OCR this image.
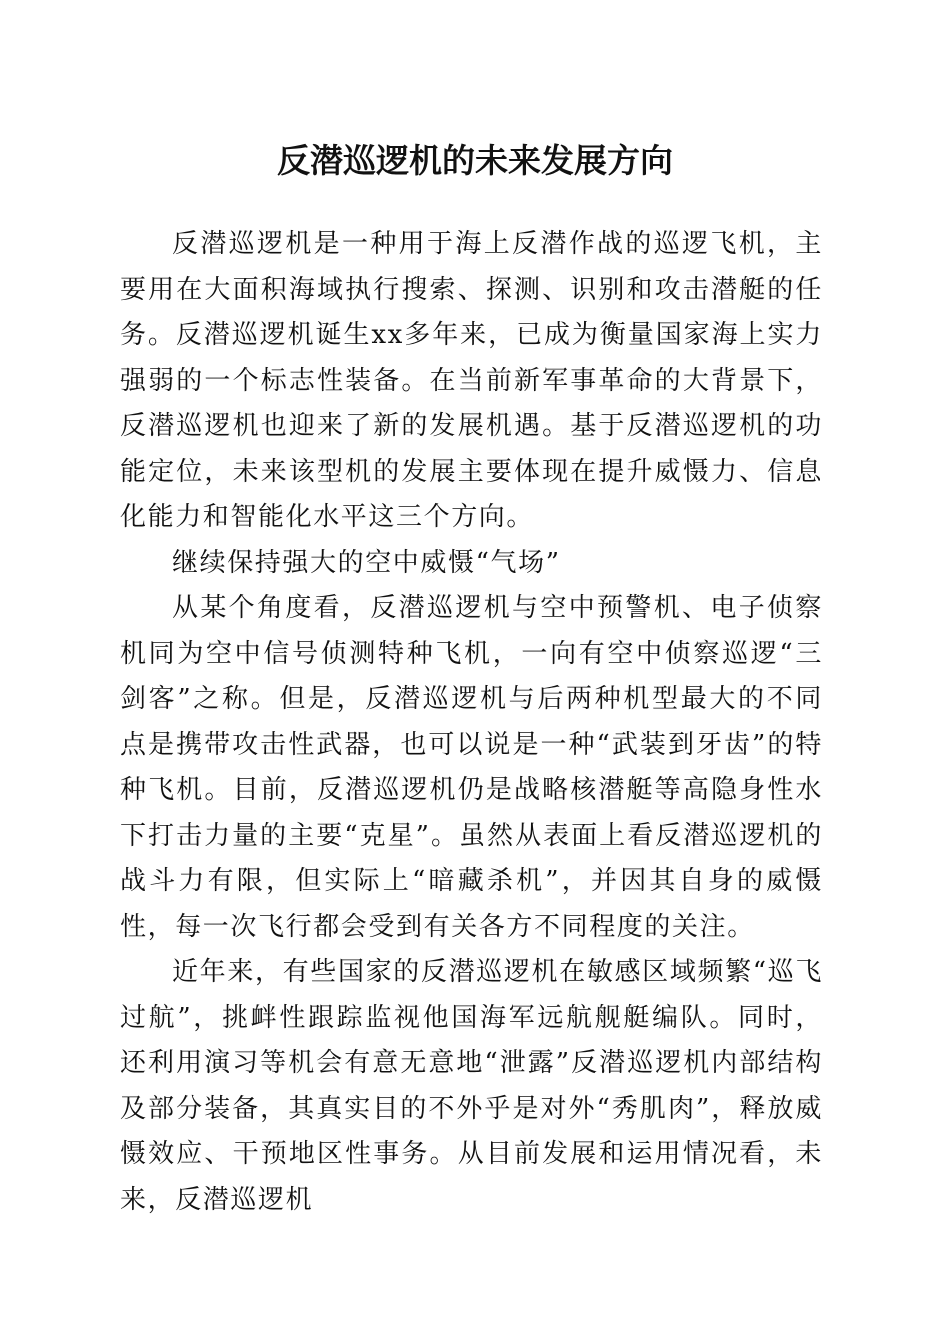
反潜巡逻机的未来发展方向

反潜巡逻机是一种用于海上反潜作战的巡逻飞机，主要用在大面积海域执行搜索、探测、识别和攻击潜艇的任务。反潜巡逻机诞生xx多年来，已成为衡量国家海上实力强弱的一个标志性装备。在当前新军事革命的大背景下，反潜巡逻机也迎来了新的发展机遇。基于反潜巡逻机的功能定位，未来该型机的发展主要体现在提升威慑力、信息化能力和智能化水平这三个方向。

继续保持强大的空中威慑“气场”

从某个角度看，反潜巡逻机与空中预警机、电子侦察机同为空中信号侦测特种飞机，一向有空中侦察巡逻“三剑客”之称。但是，反潜巡逻机与后两种机型最大的不同点是携带攻击性武器，也可以说是一种“武装到牙齿”的特种飞机。目前，反潜巡逻机仍是战略核潜艇等高隐身性水下打击力量的主要“克星”。虽然从表面上看反潜巡逻机的战斗力有限，但实际上“暗藏杀机”，并因其自身的威慑性，每一次飞行都会受到有关各方不同程度的关注。

近年来，有些国家的反潜巡逻机在敏感区域频繁“巡飞过航”，挑衅性跟踪监视他国海军远航舰艇编队。同时，还利用演习等机会有意无意地“泄露”反潜巡逻机内部结构及部分装备，其真实目的不外乎是对外“秀肌肉”，释放威慑效应、干预地区性事务。从目前发展和运用情况看，未来，反潜巡逻机
